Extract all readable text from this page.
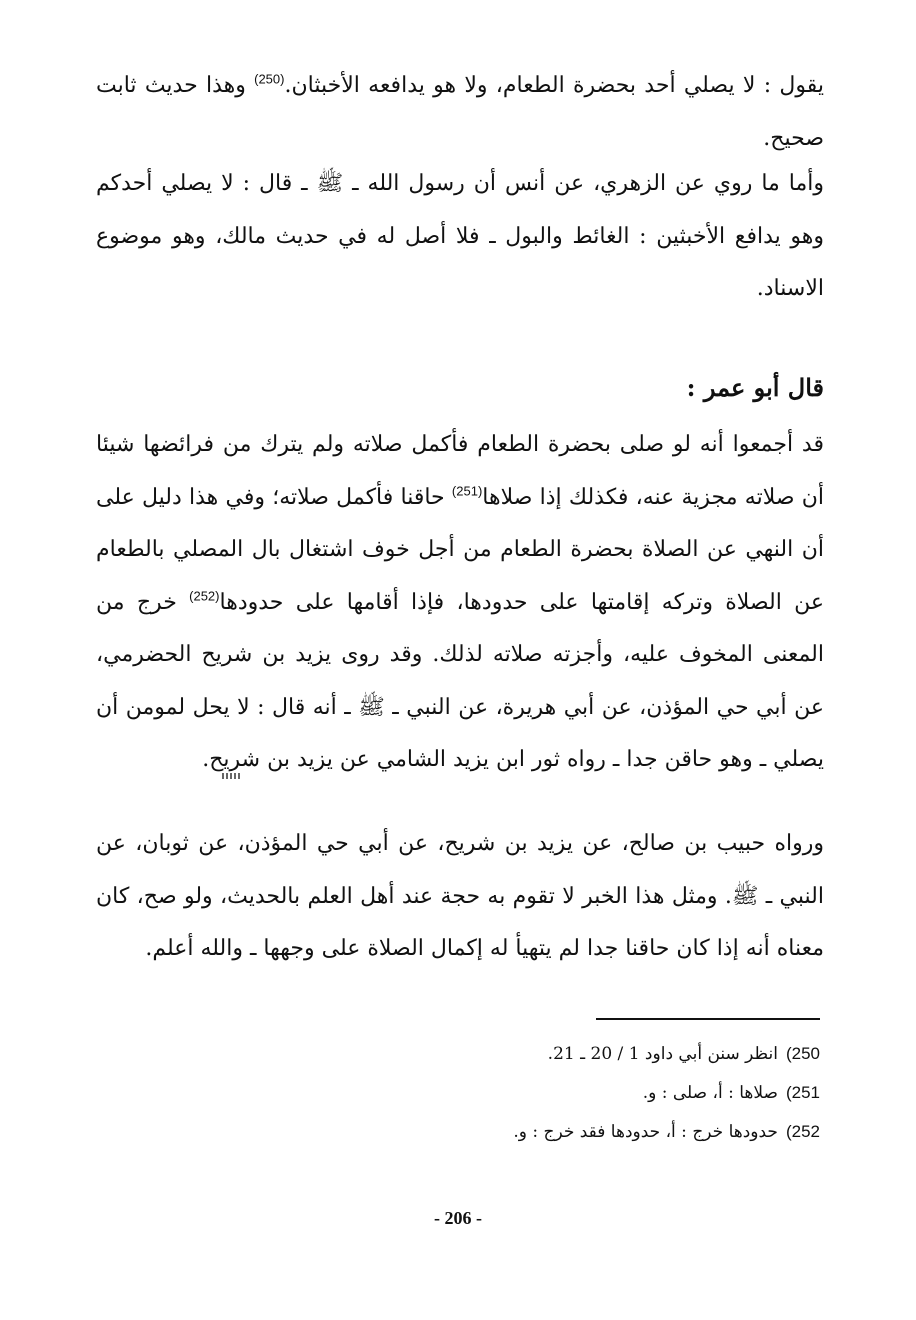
يقول : لا يصلي أحد بحضرة الطعام، ولا هو يدافعه الأخبثان.$^{(250)}$ وهذا حديث ثابت صحيح.
وأما ما روي عن الزهري، عن أنس أن رسول الله ـ ﷺ ـ قال : لا يصلي أحدكم وهو يدافع الأخبثين : الغائط والبول ـ فلا أصل له في حديث مالك، وهو موضوع الاسناد.
قال أبو عمر :
قد أجمعوا أنه لو صلى بحضرة الطعام فأكمل صلاته ولم يترك من فرائضها شيئا أن صلاته مجزية عنه، فكذلك إذا صلاها$^{(251)}$ حاقنا فأكمل صلاته؛ وفي هذا دليل على أن النهي عن الصلاة بحضرة الطعام من أجل خوف اشتغال بال المصلي بالطعام عن الصلاة وتركه إقامتها على حدودها، فإذا أقامها على حدودها$^{(252)}$ خرج من المعنى المخوف عليه، وأجزته صلاته لذلك. وقد روى يزيد بن شريح الحضرمي، عن أبي حي المؤذن، عن أبي هريرة، عن النبي ـ ﷺ ـ أنه قال : لا يحل لمومن أن يصلي ـ وهو حاقن جدا ـ رواه ثور ابن يزيد الشامي عن يزيد بن شريح.
ورواه حبيب بن صالح، عن يزيد بن شريح، عن أبي حي المؤذن، عن ثوبان، عن النبي ـ ﷺ. ومثل هذا الخبر لا تقوم به حجة عند أهل العلم بالحديث، ولو صح، كان معناه أنه إذا كان حاقنا جدا لم يتهيأ له إكمال الصلاة على وجهها ـ والله أعلم.
250)انظر سنن أبي داود 1 / 20 ـ 21.
251)صلاها : أ، صلى : و.
252)حدودها خرج : أ، حدودها فقد خرج : و.
- 206 -
